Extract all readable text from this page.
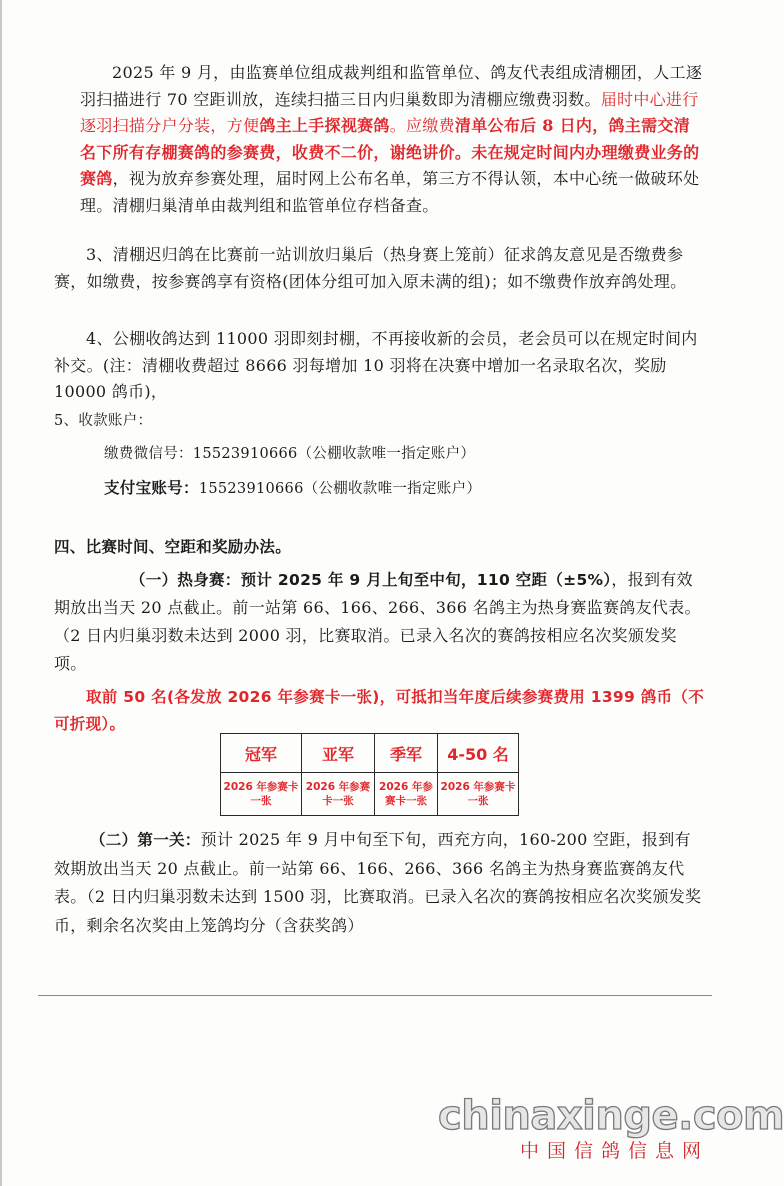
2025 年 9 月，由监赛单位组成裁判组和监管单位、鸽友代表组成清棚团，人工逐羽扫描进行 70 空距训放，连续扫描三日内归巢数即为清棚应缴费羽数。届时中心进行逐羽扫描分户分装，方便鸽主上手探视赛鸽。应缴费清单公布后 8 日内，鸽主需交清名下所有存棚赛鸽的参赛费，收费不二价，谢绝讲价。未在规定时间内办理缴费业务的赛鸽，视为放弃参赛处理，届时网上公布名单，第三方不得认领，本中心统一做破环处理。清棚归巢清单由裁判组和监管单位存档备查。
3、清棚迟归鸽在比赛前一站训放归巢后（热身赛上笼前）征求鸽友意见是否缴费参赛，如缴费，按参赛鸽享有资格(团体分组可加入原未满的组)；如不缴费作放弃鸽处理。
4、公棚收鸽达到 11000 羽即刻封棚，不再接收新的会员，老会员可以在规定时间内补交。(注：清棚收费超过 8666 羽每增加 10 羽将在决赛中增加一名录取名次，奖励 10000 鸽币)，
5、收款账户：
缴费微信号：15523910666（公棚收款唯一指定账户）
支付宝账号：15523910666（公棚收款唯一指定账户）
四、比赛时间、空距和奖励办法。
（一）热身赛：预计 2025 年 9 月上旬至中旬，110 空距（±5%），报到有效期放出当天 20 点截止。前一站第 66、166、266、366 名鸽主为热身赛监赛鸽友代表。（2 日内归巢羽数未达到 2000 羽，比赛取消。已录入名次的赛鸽按相应名次奖颁发奖项。
取前 50 名(各发放 2026 年参赛卡一张)，可抵扣当年度后续参赛费用 1399 鸽币（不可折现）。
冠军	亚军	季军	4-50 名
2026 年参赛卡一张	2026 年参赛卡一张	2026 年参赛卡一张	2026 年参赛卡一张
（二）第一关：预计 2025 年 9 月中旬至下旬，西充方向，160-200 空距，报到有效期放出当天 20 点截止。前一站第 66、166、266、366 名鸽主为热身赛监赛鸽友代表。（2 日内归巢羽数未达到 1500 羽，比赛取消。已录入名次的赛鸽按相应名次奖颁发奖币，剩余名次奖由上笼鸽均分（含获奖鸽）
chinaxinge.com
中国信鸽信息网
